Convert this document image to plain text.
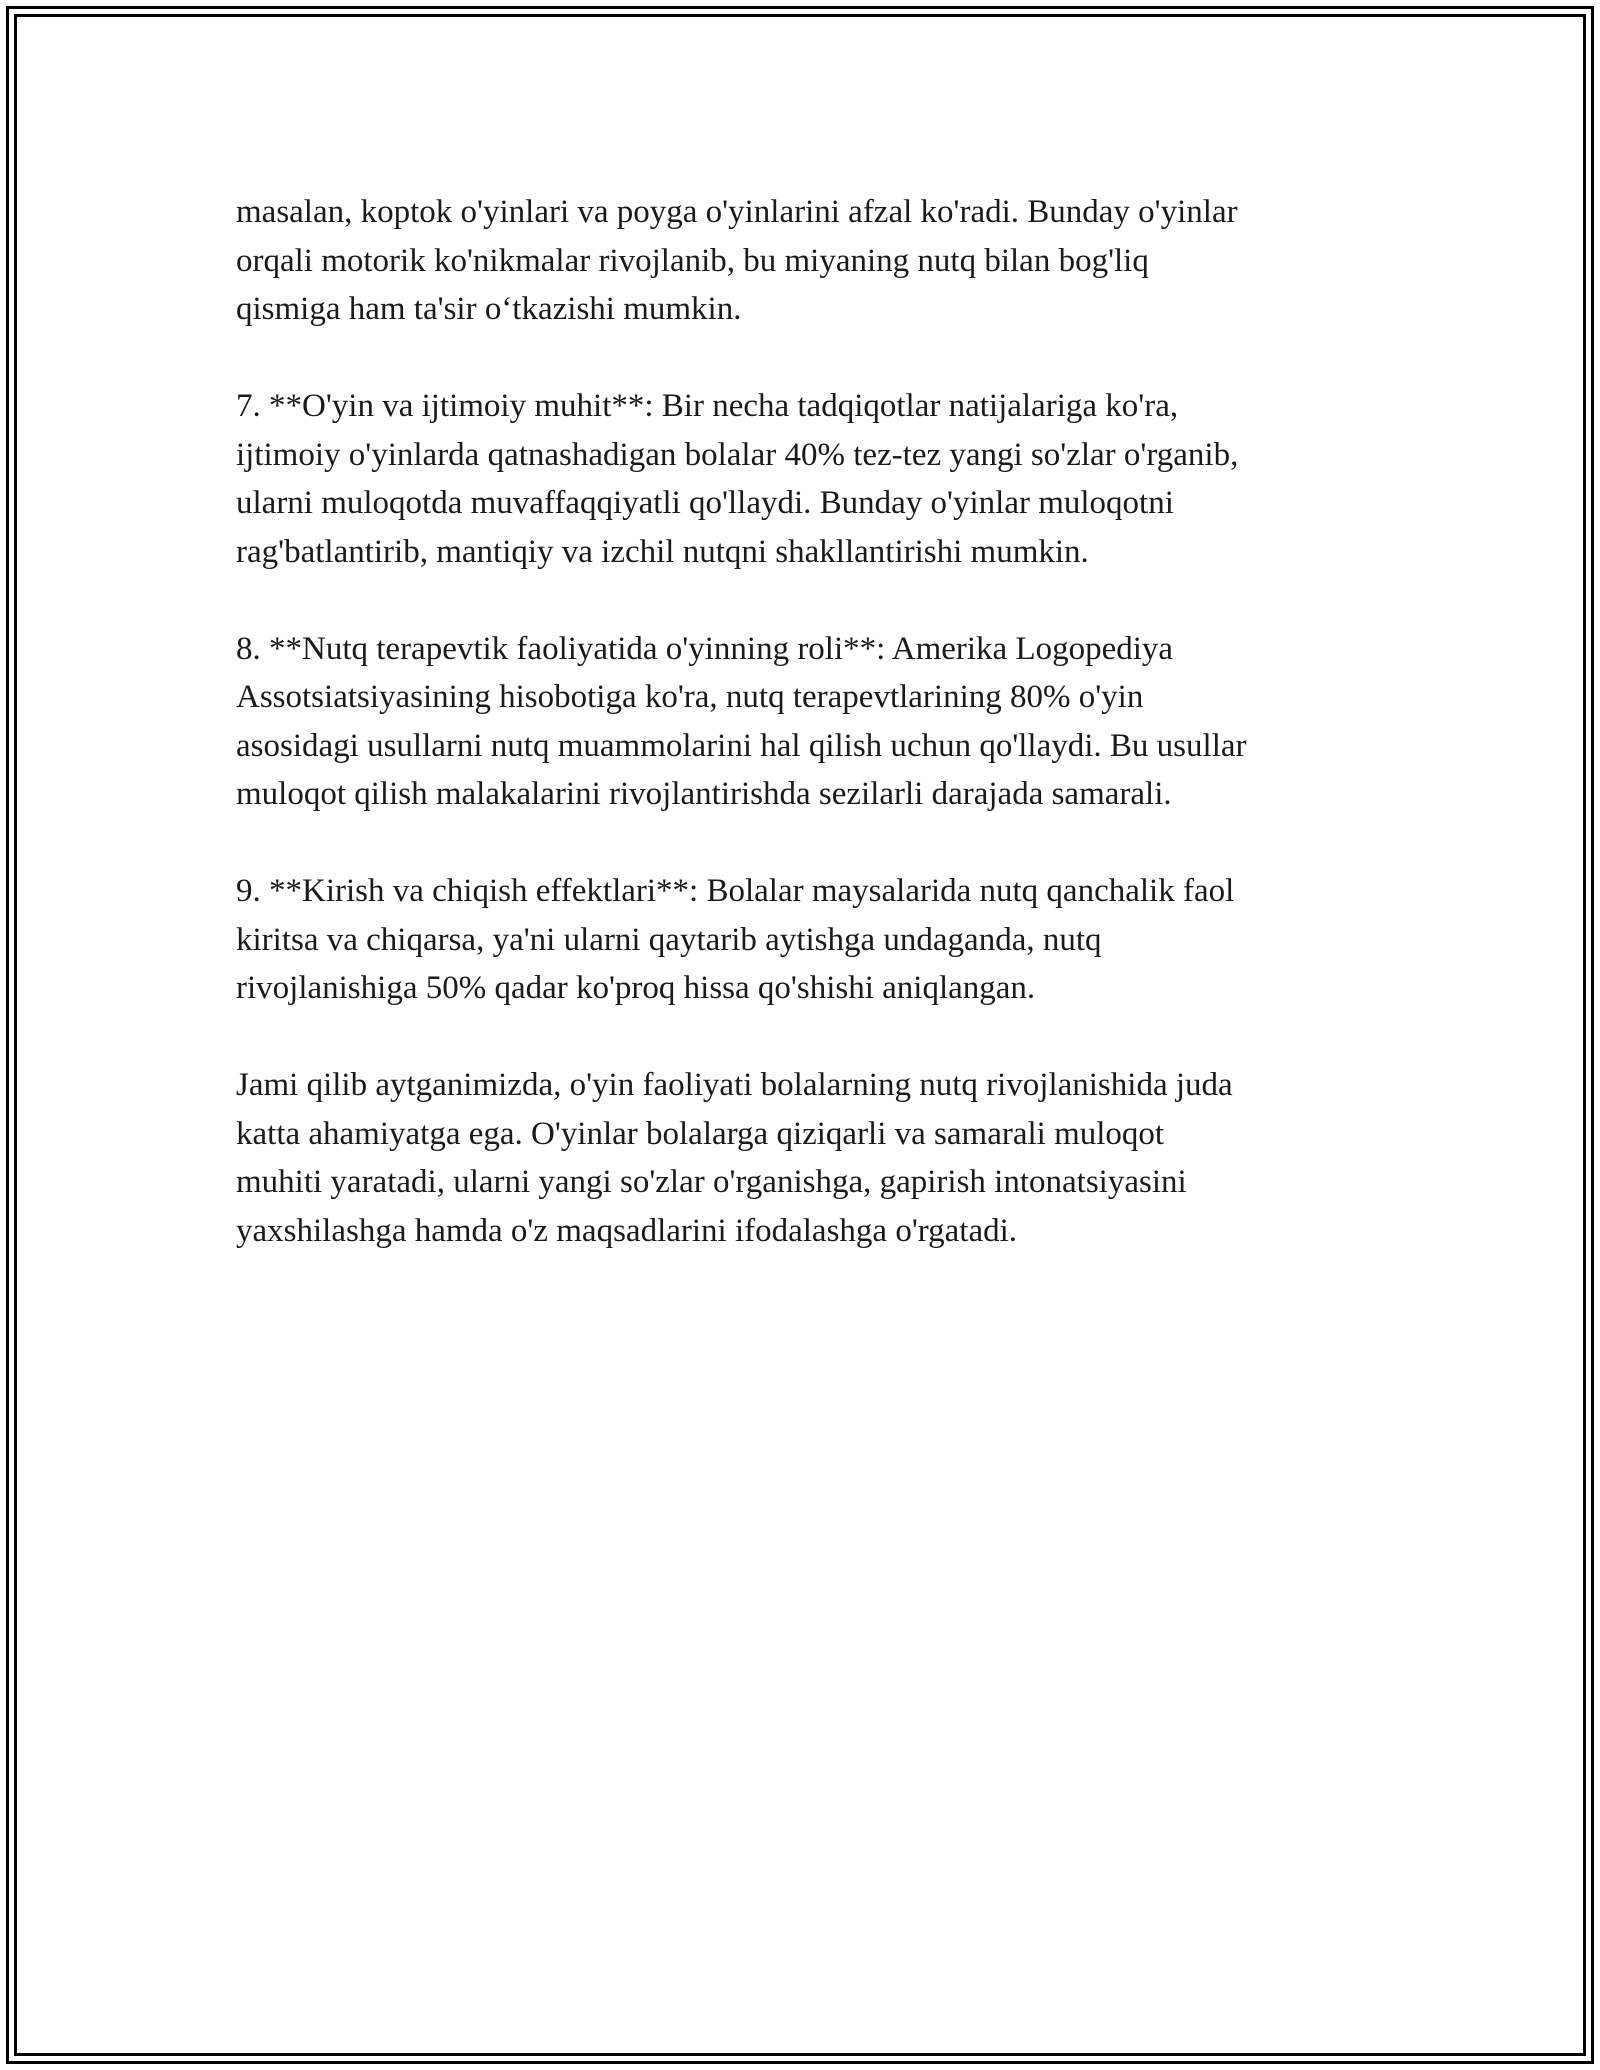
masalan, koptok o'yinlari va poyga o'yinlarini afzal ko'radi. Bunday o'yinlar
orqali motorik ko'nikmalar rivojlanib, bu miyaning nutq bilan bog'liq
qismiga ham ta'sir o‘tkazishi mumkin.

7. **O'yin va ijtimoiy muhit**: Bir necha tadqiqotlar natijalariga ko'ra,
ijtimoiy o'yinlarda qatnashadigan bolalar 40% tez-tez yangi so'zlar o'rganib,
ularni muloqotda muvaffaqqiyatli qo'llaydi. Bunday o'yinlar muloqotni
rag'batlantirib, mantiqiy va izchil nutqni shakllantirishi mumkin.

8. **Nutq terapevtik faoliyatida o'yinning roli**: Amerika Logopediya
Assotsiatsiyasining hisobotiga ko'ra, nutq terapevtlarining 80% o'yin
asosidagi usullarni nutq muammolarini hal qilish uchun qo'llaydi. Bu usullar
muloqot qilish malakalarini rivojlantirishda sezilarli darajada samarali.

9. **Kirish va chiqish effektlari**: Bolalar maysalarida nutq qanchalik faol
kiritsa va chiqarsa, ya'ni ularni qaytarib aytishga undaganda, nutq
rivojlanishiga 50% qadar ko'proq hissa qo'shishi aniqlangan.

Jami qilib aytganimizda, o'yin faoliyati bolalarning nutq rivojlanishida juda
katta ahamiyatga ega. O'yinlar bolalarga qiziqarli va samarali muloqot
muhiti yaratadi, ularni yangi so'zlar o'rganishga, gapirish intonatsiyasini
yaxshilashga hamda o'z maqsadlarini ifodalashga o'rgatadi.
